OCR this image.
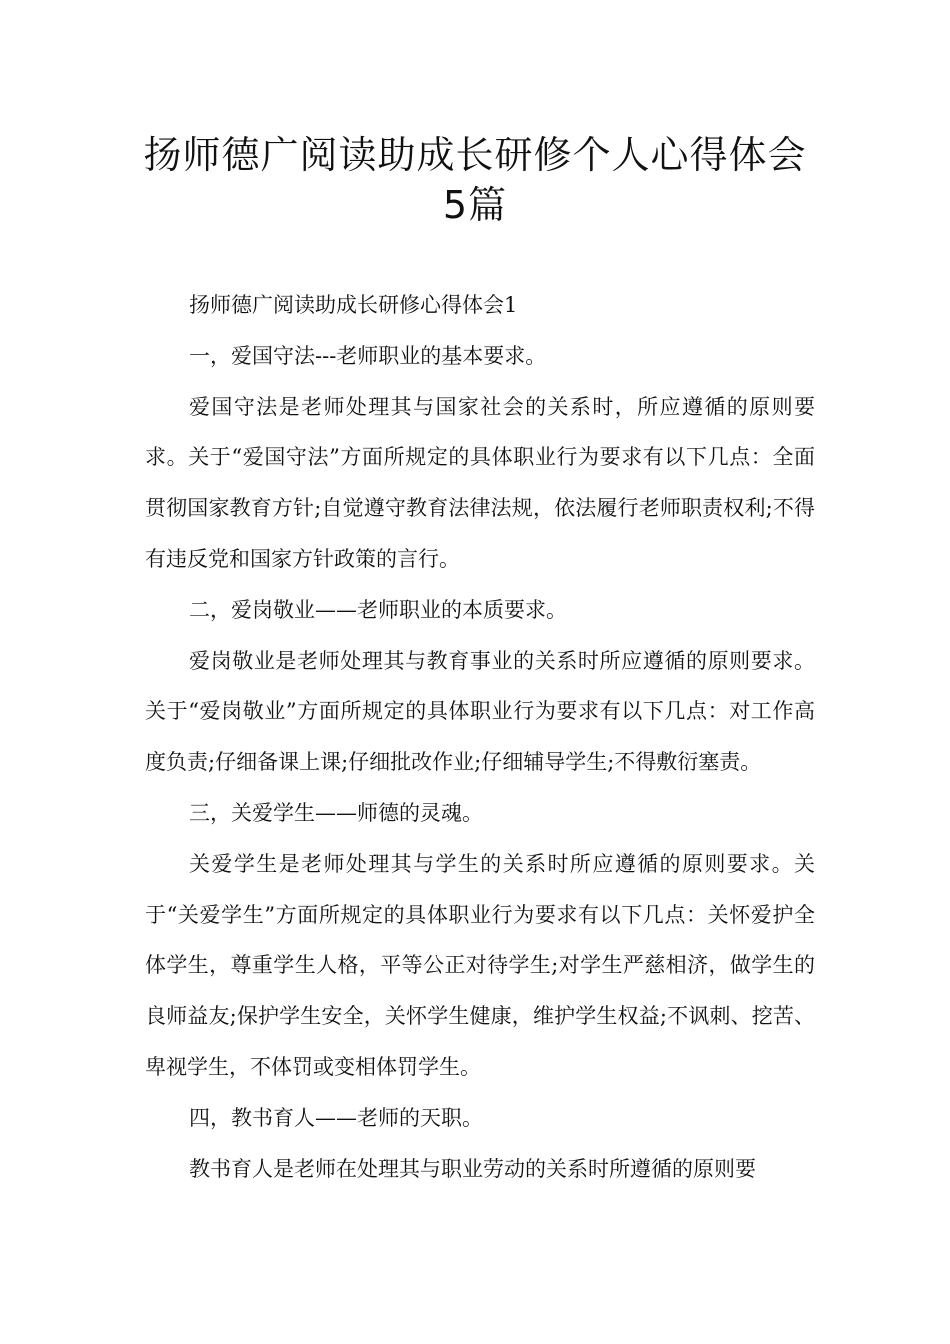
扬师德广阅读助成长研修个人心得体会
5篇

扬师德广阅读助成长研修心得体会1

一，爱国守法---老师职业的基本要求。

爱国守法是老师处理其与国家社会的关系时，所应遵循的原则要求。关于“爱国守法”方面所规定的具体职业行为要求有以下几点：全面贯彻国家教育方针;自觉遵守教育法律法规，依法履行老师职责权利;不得有违反党和国家方针政策的言行。

二，爱岗敬业——老师职业的本质要求。

爱岗敬业是老师处理其与教育事业的关系时所应遵循的原则要求。关于“爱岗敬业”方面所规定的具体职业行为要求有以下几点：对工作高度负责;仔细备课上课;仔细批改作业;仔细辅导学生;不得敷衍塞责。

三，关爱学生——师德的灵魂。

关爱学生是老师处理其与学生的关系时所应遵循的原则要求。关于“关爱学生”方面所规定的具体职业行为要求有以下几点：关怀爱护全体学生，尊重学生人格，平等公正对待学生;对学生严慈相济，做学生的良师益友;保护学生安全，关怀学生健康，维护学生权益;不讽刺、挖苦、卑视学生，不体罚或变相体罚学生。

四，教书育人——老师的天职。

教书育人是老师在处理其与职业劳动的关系时所遵循的原则要
